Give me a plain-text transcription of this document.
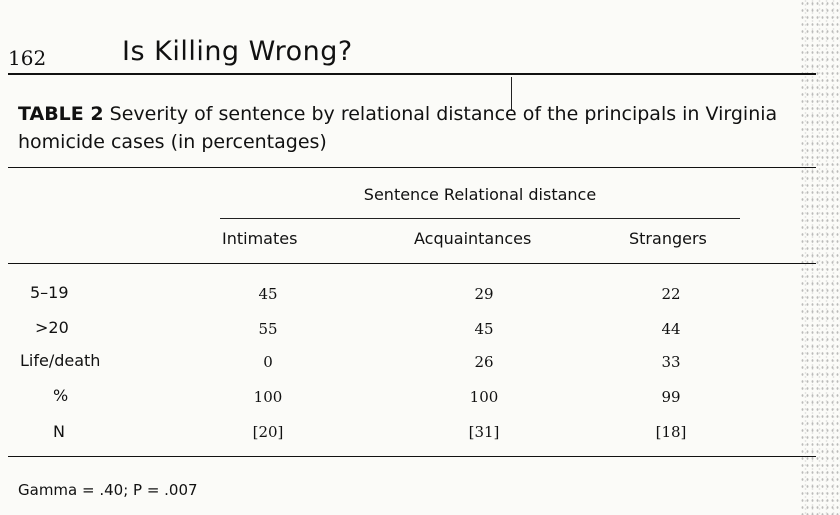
162	Is Killing Wrong?
TABLE 2 Severity of sentence by relational distance of the principals in Virginia homicide cases (in percentages)
Sentence Relational distance
Intimates	Acquaintances	Strangers
5–19	45	29	22
>20	55	45	44
Life/death	0	26	33
%	100	100	99
N	[20]	[31]	[18]
Gamma = .40; P = .007
